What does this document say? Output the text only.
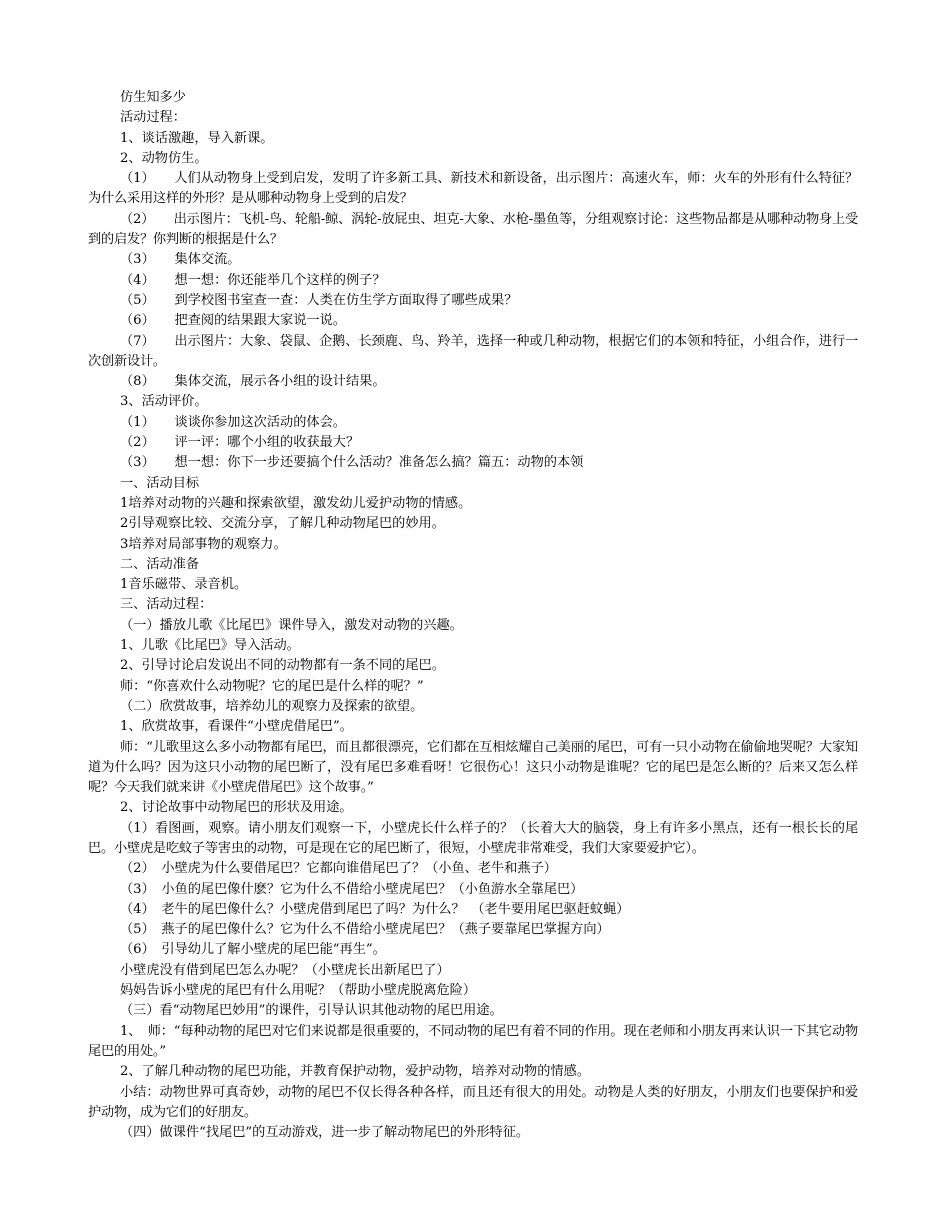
仿生知多少

活动过程：

1、谈话激趣，导入新课。

2、动物仿生。

（1）　　人们从动物身上受到启发，发明了许多新工具、新技术和新设备，出示图片：高速火车，师：火车的外形有什么特征？为什么采用这样的外形？是从哪种动物身上受到的启发？

（2）　　出示图片：飞机-鸟、轮船-鲸、涡轮-放屁虫、坦克-大象、水枪-墨鱼等，分组观察讨论：这些物品都是从哪种动物身上受到的启发？你判断的根据是什么？

（3）　　集体交流。

（4）　　想一想：你还能举几个这样的例子？

（5）　　到学校图书室查一查：人类在仿生学方面取得了哪些成果？

（6）　　把查阅的结果跟大家说一说。

（7）　　出示图片：大象、袋鼠、企鹅、长颈鹿、鸟、羚羊，选择一种或几种动物，根据它们的本领和特征，小组合作，进行一次创新设计。

（8）　　集体交流，展示各小组的设计结果。

3、活动评价。

（1）　　谈谈你参加这次活动的体会。

（2）　　评一评：哪个小组的收获最大？

（3）　　想一想：你下一步还要搞个什么活动？准备怎么搞？篇五：动物的本领

一、活动目标

1培养对动物的兴趣和探索欲望，激发幼儿爱护动物的情感。

2引导观察比较、交流分享，了解几种动物尾巴的妙用。

3培养对局部事物的观察力。

二、活动准备

1音乐磁带、录音机。

三、活动过程：

（一）播放儿歌《比尾巴》课件导入，激发对动物的兴趣。

1、儿歌《比尾巴》导入活动。

2、引导讨论启发说出不同的动物都有一条不同的尾巴。

师：“你喜欢什么动物呢？它的尾巴是什么样的呢？”

（二）欣赏故事，培养幼儿的观察力及探索的欲望。

1、欣赏故事，看课件“小壁虎借尾巴”。

师：“儿歌里这么多小动物都有尾巴，而且都很漂亮，它们都在互相炫耀自己美丽的尾巴，可有一只小动物在偷偷地哭呢？大家知道为什么吗？因为这只小动物的尾巴断了，没有尾巴多难看呀！它很伤心！这只小动物是谁呢？它的尾巴是怎么断的？后来又怎么样呢？今天我们就来讲《小壁虎借尾巴》这个故事。”

2、讨论故事中动物尾巴的形状及用途。

（1）看图画，观察。请小朋友们观察一下，小壁虎长什么样子的？（长着大大的脑袋，身上有许多小黑点，还有一根长长的尾巴。小壁虎是吃蚊子等害虫的动物，可是现在它的尾巴断了，很短，小壁虎非常难受，我们大家要爱护它）。

（2）　小壁虎为什么要借尾巴？它都向谁借尾巴了？（小鱼、老牛和燕子）

（3）　小鱼的尾巴像什麽？它为什么不借给小壁虎尾巴？（小鱼游水全靠尾巴）

（4）　老牛的尾巴像什么？小壁虎借到尾巴了吗？为什么？　（老牛要用尾巴驱赶蚊蝇）

（5）　燕子的尾巴像什么？它为什么不借给小壁虎尾巴？（燕子要靠尾巴掌握方向）

（6）　引导幼儿了解小壁虎的尾巴能“再生”。

小壁虎没有借到尾巴怎么办呢？（小壁虎长出新尾巴了）

妈妈告诉小壁虎的尾巴有什么用呢？（帮助小壁虎脱离危险）

（三）看“动物尾巴妙用”的课件，引导认识其他动物的尾巴用途。

1、　师：“每种动物的尾巴对它们来说都是很重要的，不同动物的尾巴有着不同的作用。现在老师和小朋友再来认识一下其它动物尾巴的用处。”

2、了解几种动物的尾巴功能，并教育保护动物，爱护动物，培养对动物的情感。

小结：动物世界可真奇妙，动物的尾巴不仅长得各种各样，而且还有很大的用处。动物是人类的好朋友，小朋友们也要保护和爱护动物，成为它们的好朋友。

（四）做课件“找尾巴”的互动游戏，进一步了解动物尾巴的外形特征。
